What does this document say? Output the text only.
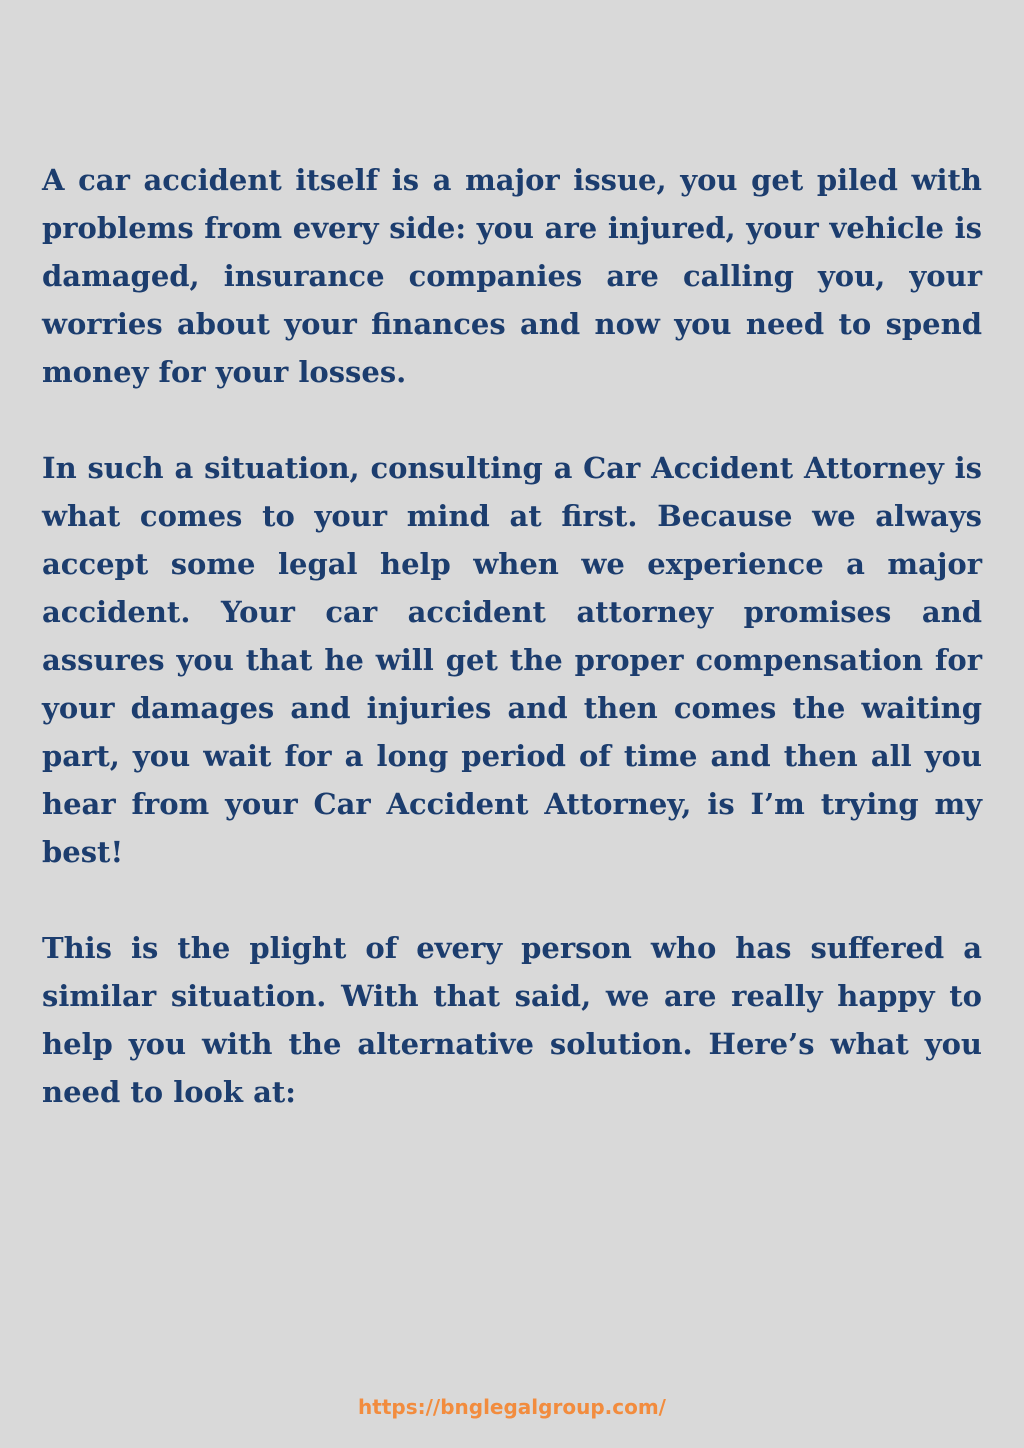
A car accident itself is a major issue, you get piled with problems from every side: you are injured, your vehicle is damaged, insurance companies are calling you, your worries about your finances and now you need to spend money for your losses.

In such a situation, consulting a Car Accident Attorney is what comes to your mind at first. Because we always accept some legal help when we experience a major accident. Your car accident attorney promises and assures you that he will get the proper compensation for your damages and injuries and then comes the waiting part, you wait for a long period of time and then all you hear from your Car Accident Attorney, is I’m trying my best!

This is the plight of every person who has suffered a similar situation. With that said, we are really happy to help you with the alternative solution. Here’s what you need to look at:

https://bnglegalgroup.com/
